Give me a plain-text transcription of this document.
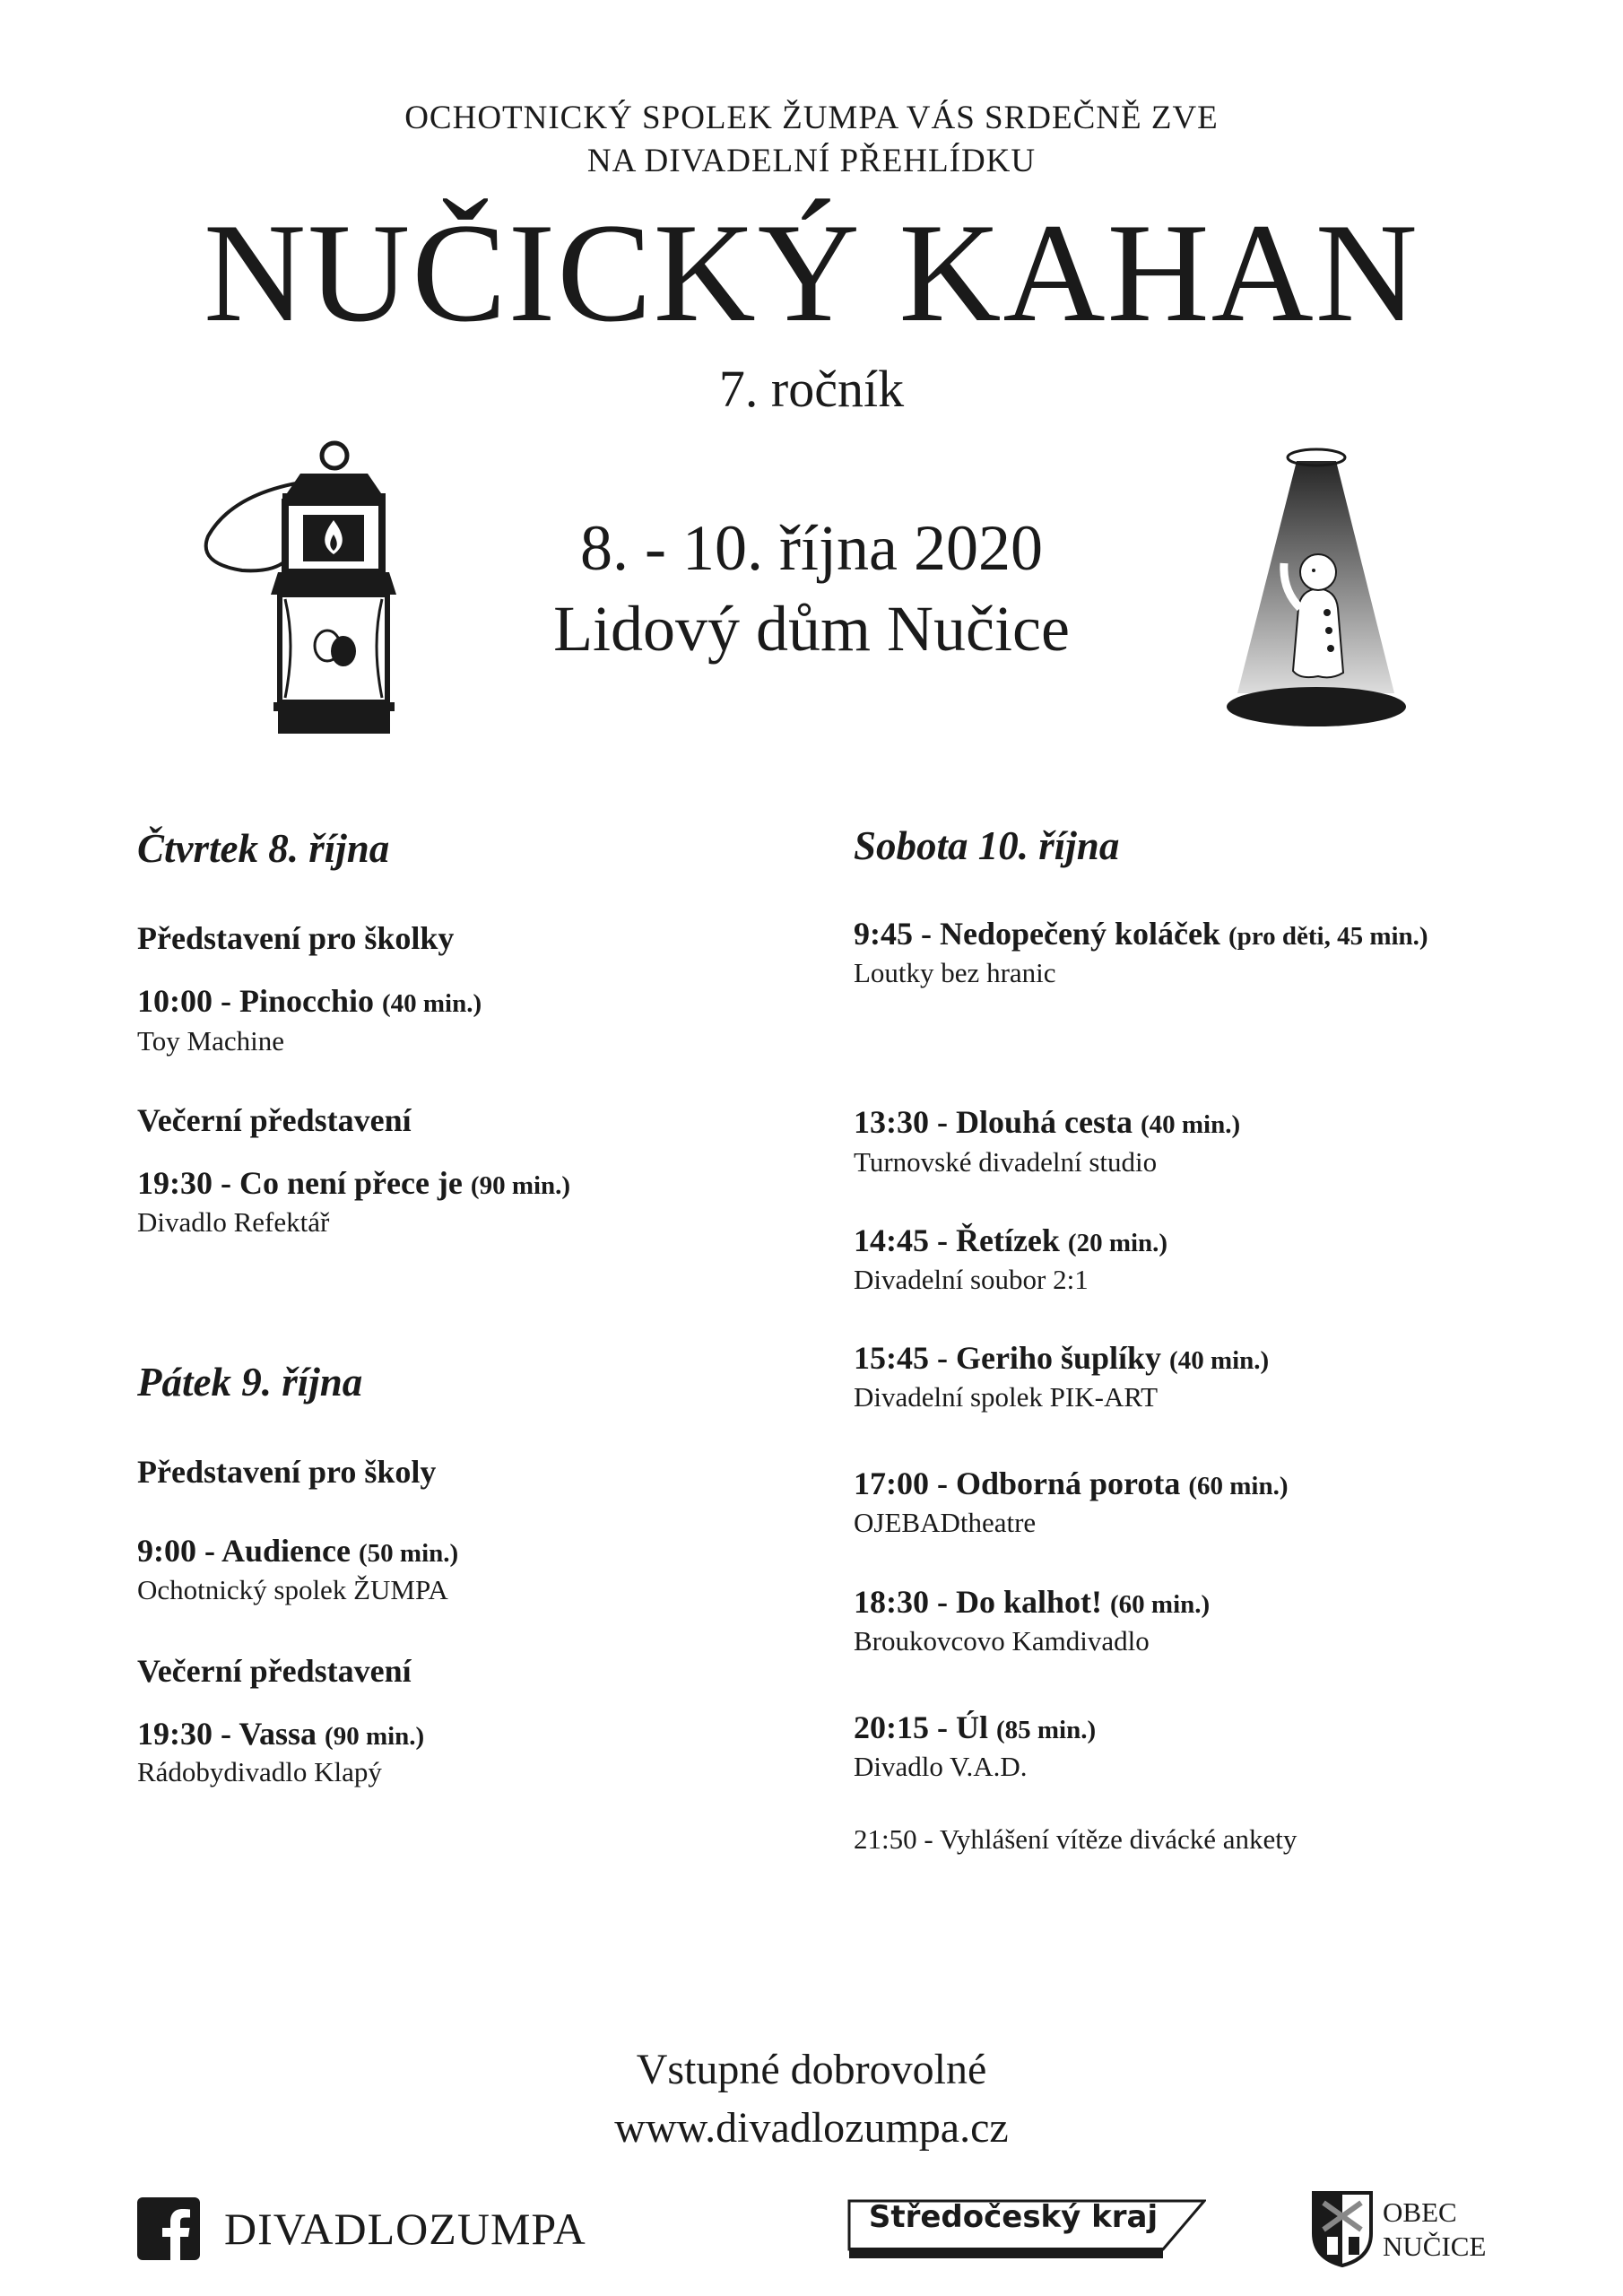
OCHOTNICKÝ SPOLEK ŽUMPA VÁS SRDEČNĚ ZVE
NA DIVADELNÍ PŘEHLÍDKU
NUČICKÝ KAHAN
7. ročník
8. - 10. října 2020
Lidový dům Nučice
Čtvrtek 8. října
Představení pro školky
10:00 - Pinocchio (40 min.)
Toy Machine
Večerní představení
19:30 - Co není přece je (90 min.)
Divadlo Refektář
Pátek 9. října
Představení pro školy
9:00 - Audience (50 min.)
Ochotnický spolek ŽUMPA
Večerní představení
19:30 - Vassa (90 min.)
Rádobydivadlo Klapý
Sobota 10. října
9:45 - Nedopečený koláček (pro děti, 45 min.)
Loutky bez hranic
13:30 - Dlouhá cesta (40 min.)
Turnovské divadelní studio
14:45 - Řetízek (20 min.)
Divadelní soubor 2:1
15:45 - Geriho šuplíky (40 min.)
Divadelní spolek PIK-ART
17:00 - Odborná porota (60 min.)
OJEBADtheatre
18:30 - Do kalhot! (60 min.)
Broukovcovo Kamdivadlo
20:15 - Úl (85 min.)
Divadlo V.A.D.
21:50 - Vyhlášení vítěze divácké ankety
Vstupné dobrovolné
www.divadlozumpa.cz
DIVADLOZUMPA	Středočeský kraj	OBEC
NUČICE
